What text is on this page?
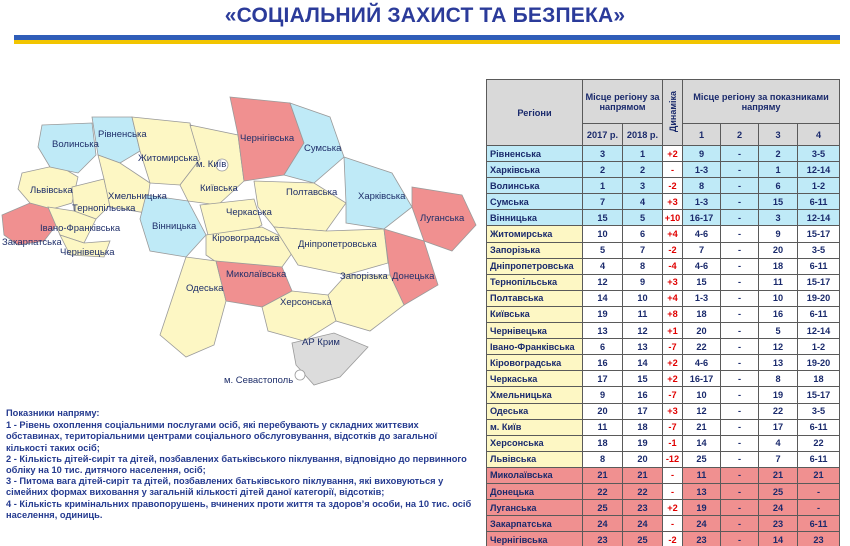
«СОЦІАЛЬНИЙ ЗАХИСТ ТА БЕЗПЕКА»
Волинська
Рівненська
Житомирська
Чернігівська
Сумська
м. Київ
Київська
Харківська
Львівська
Хмельницька
Тернопільська
Полтавська
Луганська
Вінницька
Черкаська
Івано-Франківська
Закарпатська
Чернівецька
Кіровоградська
Дніпропетровська
Донецька
Миколаївська	Запорізька
Одеська
Херсонська
АР Крим
м. Севастополь
Показники напряму:
1 - Рівень охоплення соціальними послугами осіб, які перебувають у складних життєвих обставинах, територіальними центрами соціального обслуговування, відсотків до загальної кількості таких осіб;
2 - Кількість дітей-сиріт та дітей, позбавлених батьківського піклування, відповідно до первинного обліку на 10 тис. дитячого населення, осіб;
3 - Питома вага дітей-сиріт та дітей, позбавлених батьківського піклування, які виховуються у сімейних формах виховання у загальній кількості дітей даної категорії, відсотків;
4 - Кількість кримінальних правопорушень, вчинених проти життя та здоров’я особи, на 10 тис. осіб населення, одиниць.
Регіони	Місце регіону за напрямом		Динаміка	Місце регіону за показниками напряму			
	2017 р.	2018 р.		1	2	3	4
Рівненська	3	1	+2	9	-	2	3-5
Харківська	2	2	-	1-3	-	1	12-14
Волинська	1	3	-2	8	-	6	1-2
Сумська	7	4	+3	1-3	-	15	6-11
Вінницька	15	5	+10	16-17	-	3	12-14
Житомирська	10	6	+4	4-6	-	9	15-17
Запорізька	5	7	-2	7	-	20	3-5
Дніпропетровська	4	8	-4	4-6	-	18	6-11
Тернопільська	12	9	+3	15	-	11	15-17
Полтавська	14	10	+4	1-3	-	10	19-20
Київська	19	11	+8	18	-	16	6-11
Чернівецька	13	12	+1	20	-	5	12-14
Івано-Франківська	6	13	-7	22	-	12	1-2
Кіровоградська	16	14	+2	4-6	-	13	19-20
Черкаська	17	15	+2	16-17	-	8	18
Хмельницька	9	16	-7	10	-	19	15-17
Одеська	20	17	+3	12	-	22	3-5
м. Київ	11	18	-7	21	-	17	6-11
Херсонська	18	19	-1	14	-	4	22
Львівська	8	20	-12	25	-	7	6-11
Миколаївська	21	21	-	11	-	21	21
Донецька	22	22	-	13	-	25	-
Луганська	25	23	+2	19	-	24	-
Закарпатська	24	24	-	24	-	23	6-11
Чернігівська	23	25	-2	23	-	14	23
